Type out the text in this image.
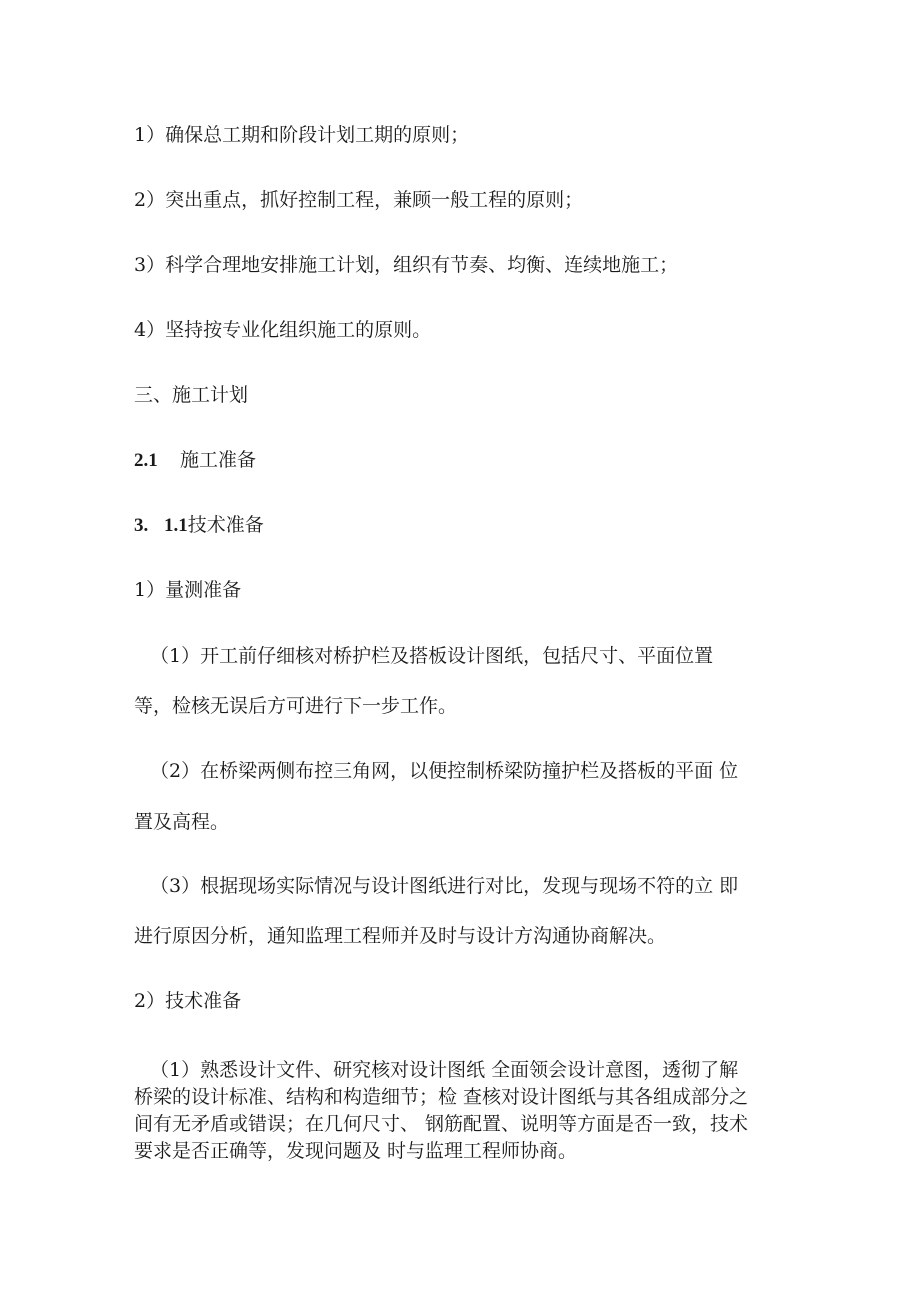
1）确保总工期和阶段计划工期的原则；

2）突出重点，抓好控制工程，兼顾一般工程的原则；

3）科学合理地安排施工计划，组织有节奏、均衡、连续地施工；

4）坚持按专业化组织施工的原则。

三、施工计划

2.1 施工准备

3. 1.1技术准备

1）量测准备

（1）开工前仔细核对桥护栏及搭板设计图纸，包括尺寸、平面位置

等，检核无误后方可进行下一步工作。

（2）在桥梁两侧布控三角网，以便控制桥梁防撞护栏及搭板的平面 位

置及高程。

（3）根据现场实际情况与设计图纸进行对比，发现与现场不符的立 即

进行原因分析，通知监理工程师并及时与设计方沟通协商解决。

2）技术准备

（1）熟悉设计文件、研究核对设计图纸 全面领会设计意图，透彻了解
桥梁的设计标准、结构和构造细节；检 查核对设计图纸与其各组成部分之
间有无矛盾或错误；在几何尺寸、 钢筋配置、说明等方面是否一致，技术
要求是否正确等，发现问题及 时与监理工程师协商。
